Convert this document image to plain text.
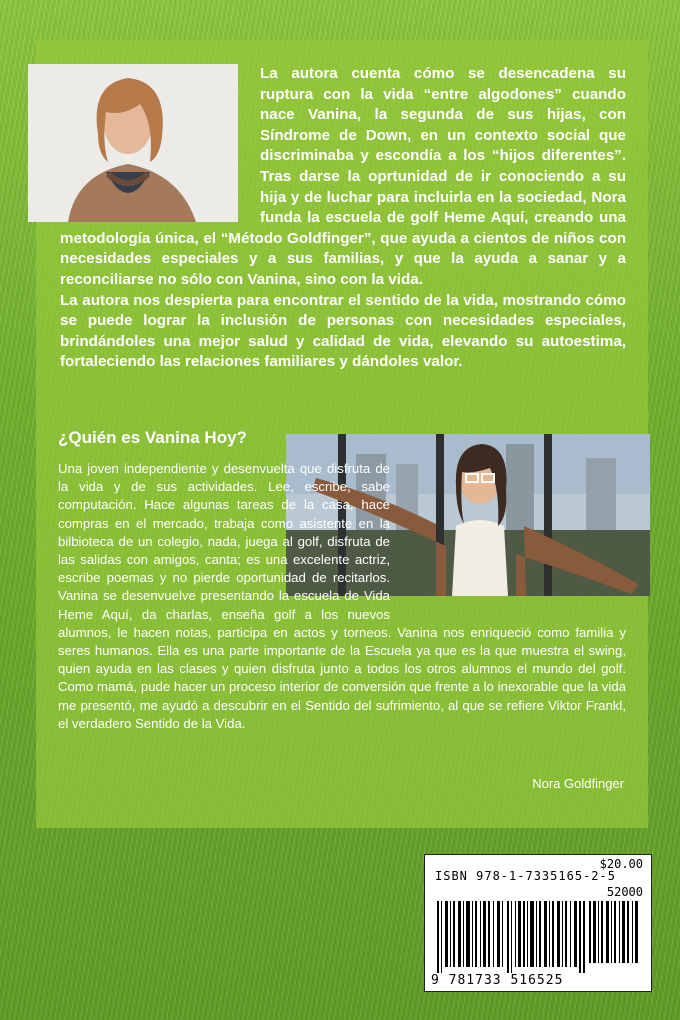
La autora cuenta cómo se desencadena su ruptura con la vida “entre algodones” cuando nace Vanina, la segunda de sus hijas, con Síndrome de Down, en un contexto social que discriminaba y escondía a los “hijos diferentes”. Tras darse la oprtunidad de ir conociendo a su hija y de luchar para incluirla en la sociedad, Nora funda la escuela de golf Heme Aquí, creando una metodología única, el “Método Goldfinger”, que ayuda a cientos de niños con necesidades especiales y a sus familias, y que la ayuda a sanar y a reconciliarse no sólo con Vanina, sino con la vida.
La autora nos despierta para encontrar el sentido de la vida, mostrando cómo se puede lograr la inclusión de personas con necesidades especiales, brindándoles una mejor salud y calidad de vida, elevando su autoestima, fortaleciendo las relaciones familiares y dándoles valor.
¿Quién es Vanina Hoy?
Una joven independiente y desenvuelta que disfruta de la vida y de sus actividades. Lee, escribe, sabe computación. Hace algunas tareas de la casa, hace compras en el mercado, trabaja como asistente en la bilbioteca de un colegio, nada, juega al golf, disfruta de las salidas con amigos, canta; es una excelente actriz, escribe poemas y no pierde oportunidad de recitarlos. Vanina se desenvuelve presentando la escuela de Vida Heme Aquí, da charlas, enseña golf a los nuevos alumnos, le hacen notas, participa en actos y torneos. Vanina nos enriqueció como familia y seres humanos. Ella es una parte importante de la Escuela ya que es la que muestra el swing, quien ayuda en las clases y quien disfruta junto a todos los otros alumnos el mundo del golf. Como mamá, pude hacer un proceso interior de conversión que frente a lo inexorable que la vida me presentó, me ayudó a descubrir en el Sentido del sufrimiento, al que se refiere Viktor Frankl, el verdadero Sentido de la Vida.
Nora Goldfinger
$20.00
ISBN 978-1-7335165-2-5
52000
9 781733 516525
